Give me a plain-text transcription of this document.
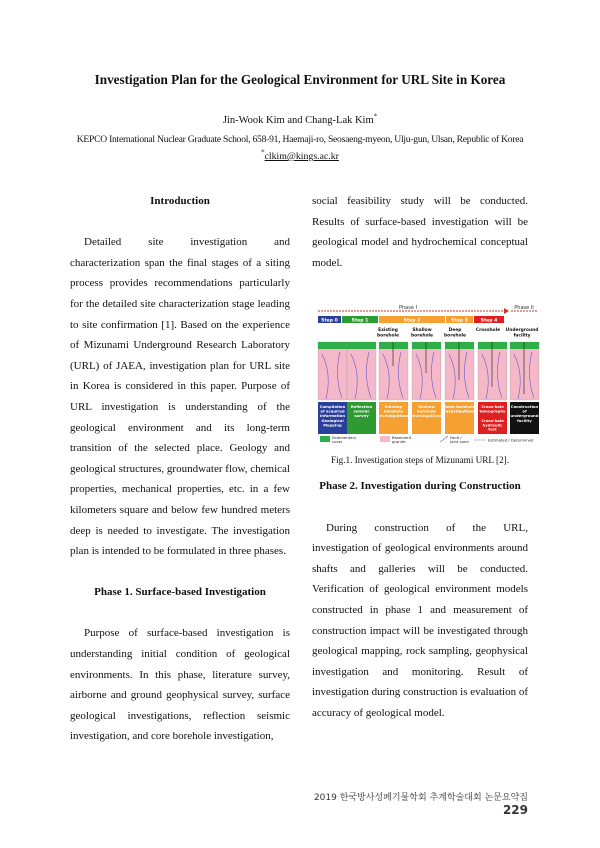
Investigation Plan for the Geological Environment for URL Site in Korea
Jin-Wook Kim and Chang-Lak Kim*
KEPCO International Nuclear Graduate School, 658-91, Haemaji-ro, Seosaeng-myeon, Ulju-gun, Ulsan, Republic of Korea
*clkim@kings.ac.kr
Introduction
Detailed site investigation and characterization span the final stages of a siting process provides recommendations particularly for the detailed site characterization stage leading to site confirmation [1]. Based on the experience of Mizunami Underground Research Laboratory (URL) of JAEA, investigation plan for URL site in Korea is considered in this paper. Purpose of URL investigation is understanding of the geological environment and its long-term transition of the selected place. Geology and geological structures, groundwater flow, chemical properties, mechanical properties, etc. in a few kilometers square and below few hundred meters deep is needed to investigate. The investigation plan is intended to be formulated in three phases.
Phase 1. Surface-based Investigation
Purpose of surface-based investigation is understanding initial condition of geological environments. In this phase, literature survey, airborne and ground geophysical survey, surface geological investigations, reflection seismic investigation, and core borehole investigation,
social feasibility study will be conducted. Results of surface-based investigation will be geological model and hydrochemical conceptual model.
Phase 2. Investigation during Construction
During construction of the URL, investigation of geological environments around shafts and galleries will be conducted. Verification of geological environment models constructed in phase 1 and measurement of construction impact will be investigated through geological mapping, rock sampling, geophysical investigation and monitoring. Result of investigation during construction is evaluation of accuracy of geological model.
Phase I	Phase II
Step 0	Step 1	Step 2	Step 3	Step 4
Existing
borehole
Shallow
borehole
Deep
borehole
Crosshole Underground
facility
Compilation
of acquired
information
Geological
Mapping
Reflection
seismic
survey
Existing
borehole
investigations
Shallow
borehole
investigations
Deep borehole
investigations
Cross-hole
tomography
Cross-hole
hydraulic
test
Construction
of
underground
facility
Sedimentary
cover
Basement
granite
Fault /
Joint zone	Estimated / Determined
Fig.1. Investigation steps of Mizunami URL [2].
2019 한국방사성폐기물학회 추계학술대회 논문요약집229
